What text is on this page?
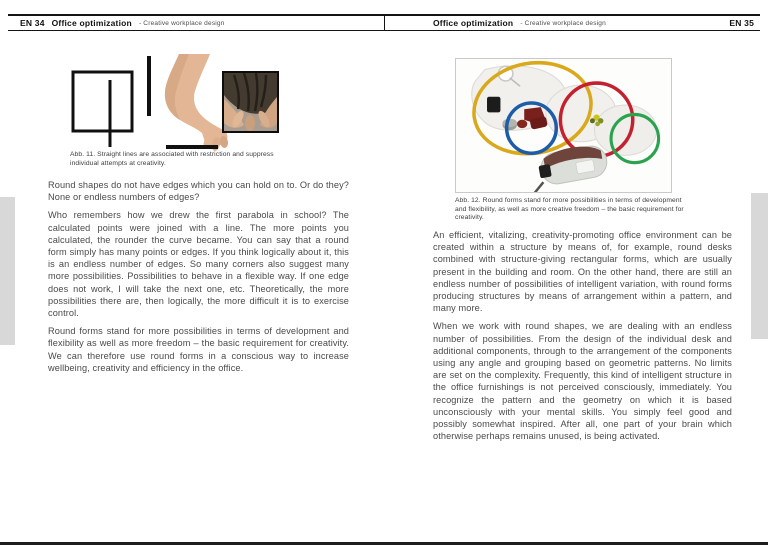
EN 34 Office optimization - Creative workplace design	Office optimization - Creative workplace design	EN 35
Abb. 11. Straight lines are associated with restriction and suppress individual attempts at creativity.

Round shapes do not have edges which you can hold on to. Or do they? None or endless numbers of edges?

Who remembers how we drew the first parabola in school? The calculated points were joined with a line. The more points you calculated, the rounder the curve became. You can say that a round form simply has many points or edges. If you think logically about it, this is an endless number of edges. So many corners also suggest many more possibilities. Possibilities to behave in a flexible way. If one edge does not work, I will take the next one, etc. Theoretically, the more possibilities there are, then logically, the more difficult it is to exercise control.

Round forms stand for more possibilities in terms of development and flexibility as well as more freedom – the basic requirement for creativity. We can therefore use round forms in a conscious way to increase wellbeing, creativity and efficiency in the office.

Abb. 12. Round forms stand for more possibilities in terms of development and flexibility, as well as more creative freedom – the basic requirement for creativity.

An efficient, vitalizing, creativity-promoting office environment can be created within a structure by means of, for example, round desks combined with structure-giving rectangular forms, which are usually present in the building and room. On the other hand, there are still an endless number of possibilities of intelligent variation, with round forms producing structures by means of arrangement within a pattern, and many more.

When we work with round shapes, we are dealing with an endless number of possibilities. From the design of the individual desk and additional components, through to the arrangement of the components using any angle and grouping based on geometric patterns. No limits are set on the complexity. Frequently, this kind of intelligent structure in the office furnishings is not perceived consciously, immediately. You recognize the pattern and the geometry on which it is based unconsciously with your mental skills. You simply feel good and possibly somewhat inspired. After all, one part of your brain which otherwise perhaps remains unused, is being activated.
